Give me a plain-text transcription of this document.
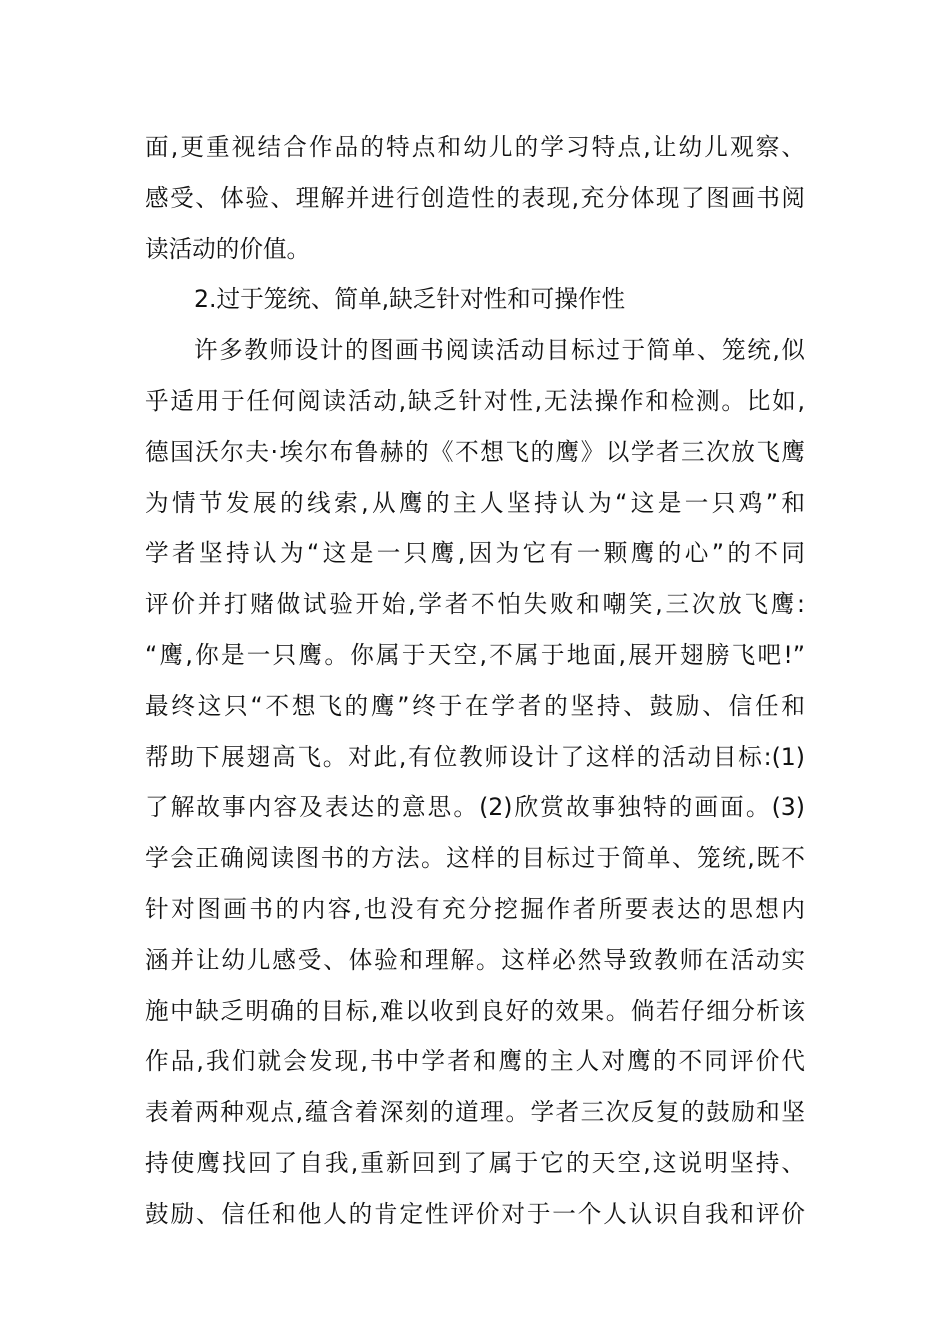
面,更重视结合作品的特点和幼儿的学习特点,让幼儿观察、
感受、体验、理解并进行创造性的表现,充分体现了图画书阅
读活动的价值。
2.过于笼统、简单,缺乏针对性和可操作性
许多教师设计的图画书阅读活动目标过于简单、笼统,似
乎适用于任何阅读活动,缺乏针对性,无法操作和检测。比如,
德国沃尔夫·埃尔布鲁赫的《不想飞的鹰》以学者三次放飞鹰
为情节发展的线索,从鹰的主人坚持认为“这是一只鸡”和
学者坚持认为“这是一只鹰,因为它有一颗鹰的心”的不同
评价并打赌做试验开始,学者不怕失败和嘲笑,三次放飞鹰:
“鹰,你是一只鹰。你属于天空,不属于地面,展开翅膀飞吧!”
最终这只“不想飞的鹰”终于在学者的坚持、鼓励、信任和
帮助下展翅高飞。对此,有位教师设计了这样的活动目标:(1)
了解故事内容及表达的意思。(2)欣赏故事独特的画面。(3)
学会正确阅读图书的方法。这样的目标过于简单、笼统,既不
针对图画书的内容,也没有充分挖掘作者所要表达的思想内
涵并让幼儿感受、体验和理解。这样必然导致教师在活动实
施中缺乏明确的目标,难以收到良好的效果。倘若仔细分析该
作品,我们就会发现,书中学者和鹰的主人对鹰的不同评价代
表着两种观点,蕴含着深刻的道理。学者三次反复的鼓励和坚
持使鹰找回了自我,重新回到了属于它的天空,这说明坚持、
鼓励、信任和他人的肯定性评价对于一个人认识自我和评价
